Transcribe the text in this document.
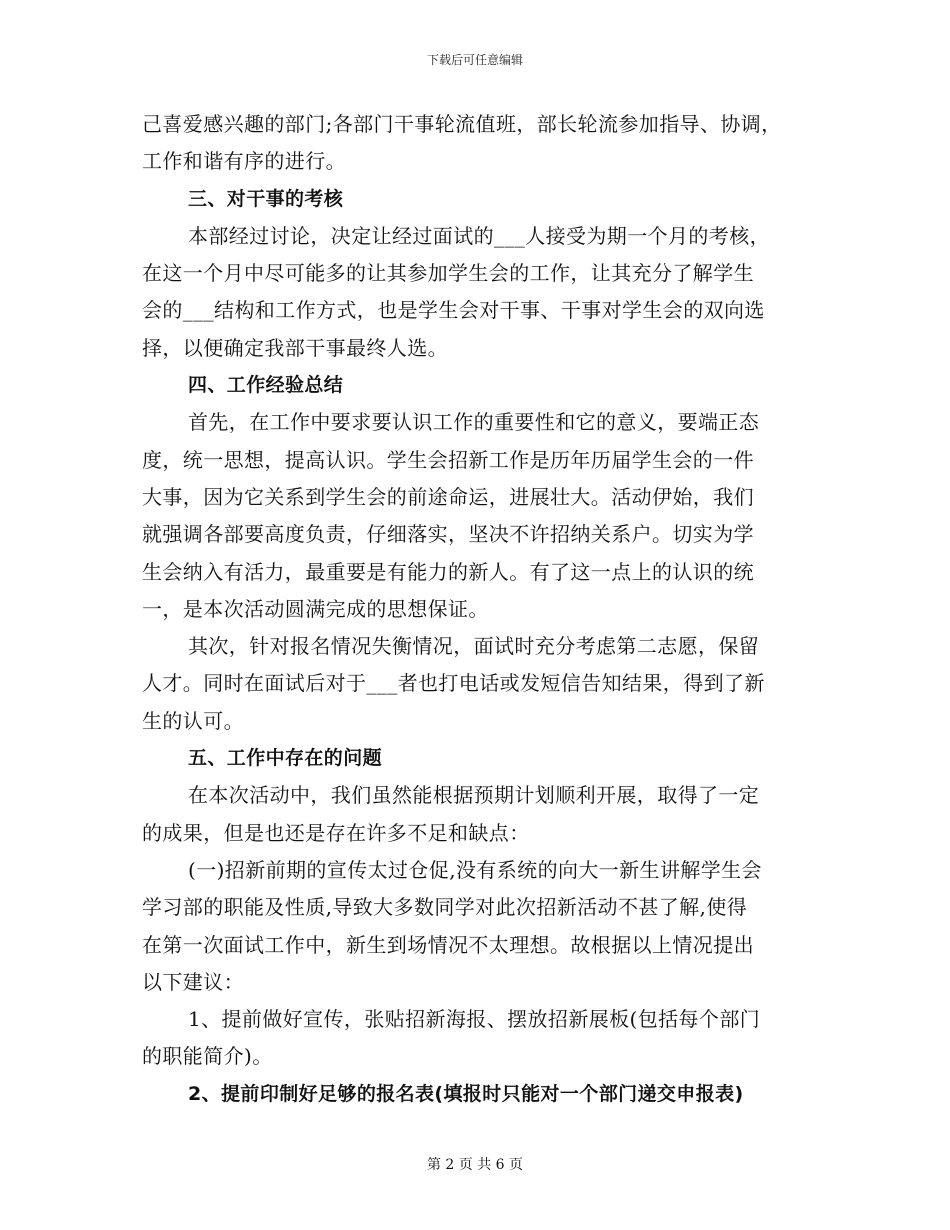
下载后可任意编辑

己喜爱感兴趣的部门;各部门干事轮流值班，部长轮流参加指导、协调，

工作和谐有序的进行。

三、对干事的考核

本部经过讨论，决定让经过面试的___人接受为期一个月的考核，

在这一个月中尽可能多的让其参加学生会的工作，让其充分了解学生

会的___结构和工作方式，也是学生会对干事、干事对学生会的双向选

择，以便确定我部干事最终人选。

四、工作经验总结

首先，在工作中要求要认识工作的重要性和它的意义，要端正态

度，统一思想，提高认识。学生会招新工作是历年历届学生会的一件

大事，因为它关系到学生会的前途命运，进展壮大。活动伊始，我们

就强调各部要高度负责，仔细落实，坚决不许招纳关系户。切实为学

生会纳入有活力，最重要是有能力的新人。有了这一点上的认识的统

一，是本次活动圆满完成的思想保证。

其次，针对报名情况失衡情况，面试时充分考虑第二志愿，保留

人才。同时在面试后对于___者也打电话或发短信告知结果，得到了新

生的认可。

五、工作中存在的问题

在本次活动中，我们虽然能根据预期计划顺利开展，取得了一定

的成果，但是也还是存在许多不足和缺点：

(一)招新前期的宣传太过仓促,没有系统的向大一新生讲解学生会

学习部的职能及性质,导致大多数同学对此次招新活动不甚了解,使得

在第一次面试工作中，新生到场情况不太理想。故根据以上情况提出

以下建议：

1、提前做好宣传，张贴招新海报、摆放招新展板(包括每个部门

的职能简介)。

2、提前印制好足够的报名表(填报时只能对一个部门递交申报表)

第 2 页 共 6 页
